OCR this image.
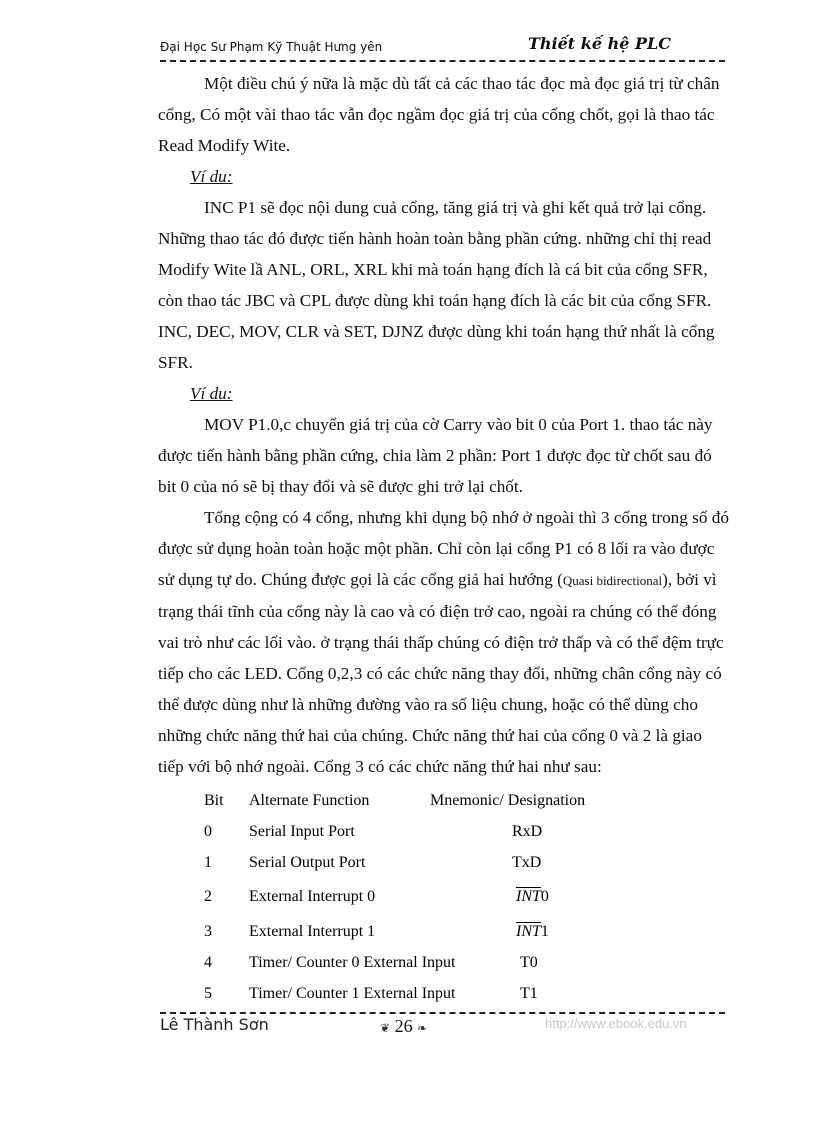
Đại Học Sư Phạm Kỹ Thuật Hưng yên	Thiết kế hệ PLC

Một điều chú ý nữa là mặc dù tất cả các thao tác đọc mà đọc giá trị từ chân cổng, Có một vài thao tác vẫn đọc ngầm đọc giá trị của cổng chốt, gọi là thao tác Read Modify Wite.

Ví du:

INC P1 sẽ đọc nội dung cuả cổng, tăng giá trị và ghi kết quả trở lại cổng. Những thao tác đó được tiến hành hoàn toàn bằng phần cứng. những chỉ thị read Modify Wite lầ ANL, ORL, XRL khi mà toán hạng đích là cá bit của cổng SFR, còn thao tác JBC và CPL được dùng khi toán hạng đích là các bit của cổng SFR. INC, DEC, MOV, CLR và SET, DJNZ được dùng khi toán hạng thứ nhất là cổng SFR.

Ví du:

MOV P1.0,c chuyển giá trị của cờ Carry vào bit 0 của Port 1. thao tác này được tiến hành bằng phần cứng, chia làm 2 phần: Port 1 được đọc từ chốt sau đó bit 0 của nó sẽ bị thay đổi và sẽ được ghi trở lại chốt.

Tổng cộng có 4 cổng, nhưng khi dụng bộ nhớ ở ngoài thì 3 cổng trong số đó được sử dụng hoàn toàn hoặc một phần. Chỉ còn lại cổng P1 có 8 lối ra vào được sử dụng tự do. Chúng được gọi là các cổng giả hai hướng (Quasi bidirectional), bởi vì trạng thái tĩnh của cổng này là cao và có điện trở cao, ngoài ra chúng có thể đóng vai trò như các lối vào. ở trạng thái thấp chúng có điện trở thấp và có thể đệm trực tiếp cho các LED. Cổng 0,2,3 có các chức năng thay đổi, những chân cổng này có thể được dùng như là những đường vào ra số liệu chung, hoặc có thể dùng cho những chức năng thứ hai của chúng. Chức năng thứ hai của cổng 0 và 2 là giao tiếp với bộ nhớ ngoài. Cổng 3 có các chức năng thứ hai như sau:

Bit Alternate Function	Mnemonic/ Designation
0 Serial Input Port	RxD
1 Serial Output Port	TxD
2 External Interrupt 0	$\overline{INT}0$
3 External Interrupt 1	$\overline{INT}1$
4 Timer/ Counter 0 External Input	T0
5 Timer/ Counter 1 External Input	T1
Lê Thành Sơn	❦ 26 ❧	http://www.ebook.edu.vn
